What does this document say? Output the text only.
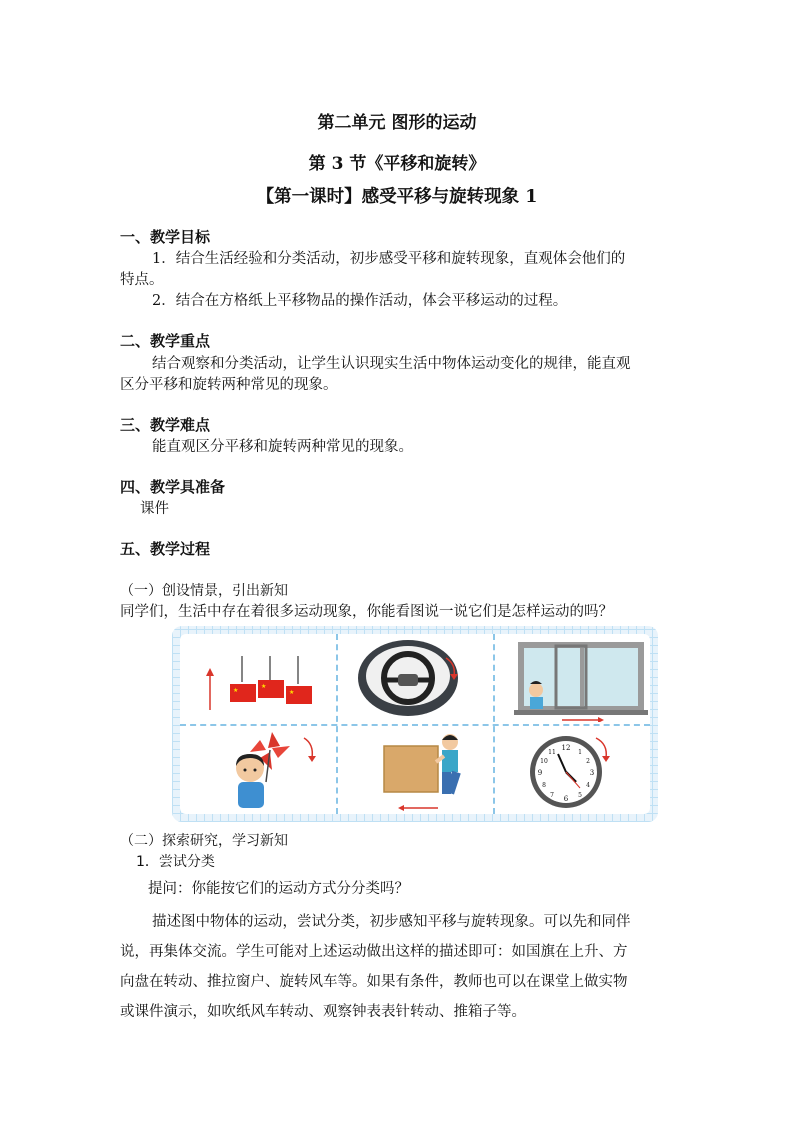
第二单元 图形的运动
第 3 节《平移和旋转》
【第一课时】感受平移与旋转现象 1
一、教学目标
1．结合生活经验和分类活动，初步感受平移和旋转现象，直观体会他们的
特点。
2．结合在方格纸上平移物品的操作活动，体会平移运动的过程。
二、教学重点
结合观察和分类活动，让学生认识现实生活中物体运动变化的规律，能直观
区分平移和旋转两种常见的现象。
三、教学难点
能直观区分平移和旋转两种常见的现象。
四、教学具准备
课件
五、教学过程
（一）创设情景，引出新知
同学们，生活中存在着很多运动现象，你能看图说一说它们是怎样运动的吗？
★
★
★
12
3
6
9
1
2
4
5
7
8
10
11
（二）探索研究，学习新知
1．尝试分类
提问：你能按它们的运动方式分分类吗？
描述图中物体的运动，尝试分类，初步感知平移与旋转现象。可以先和同伴
说，再集体交流。学生可能对上述运动做出这样的描述即可：如国旗在上升、方
向盘在转动、推拉窗户、旋转风车等。如果有条件，教师也可以在课堂上做实物
或课件演示，如吹纸风车转动、观察钟表表针转动、推箱子等。
